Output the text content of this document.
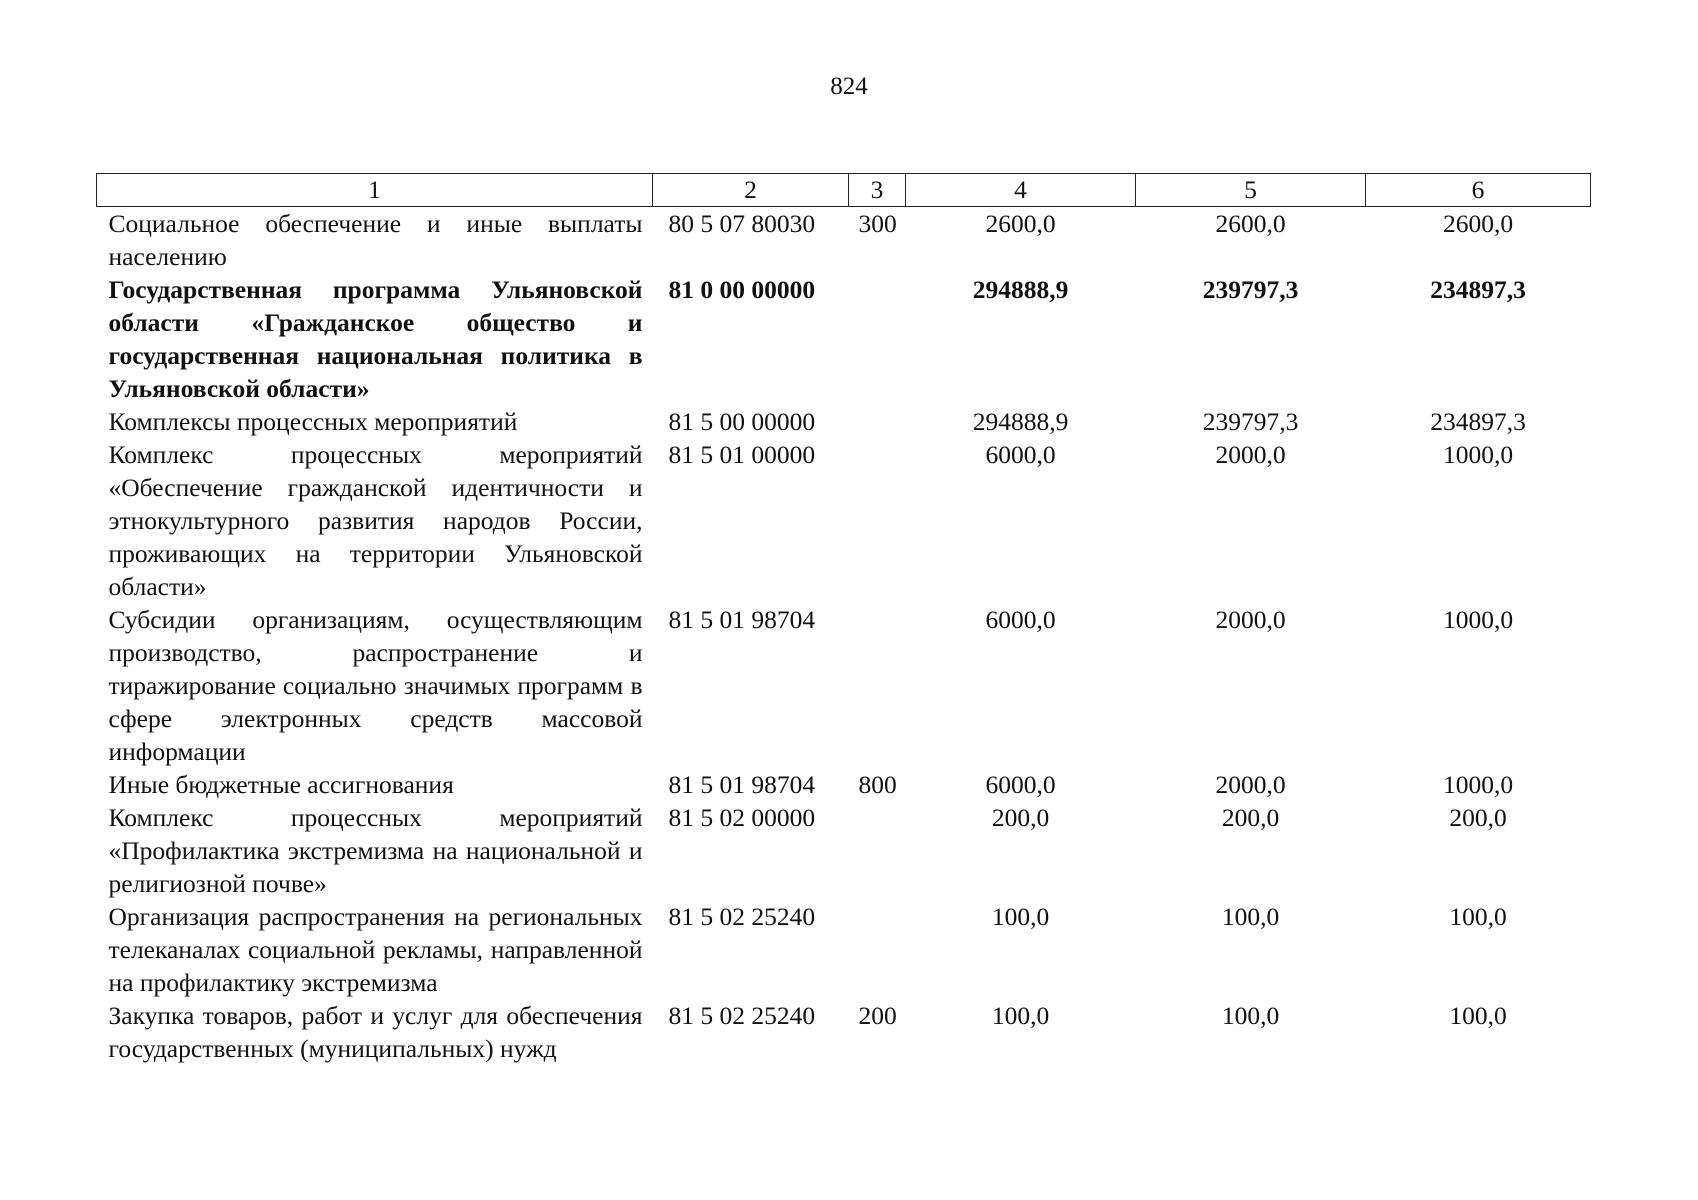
824
1	2	3	4	5	6
Социальное обеспечение и иные выплаты населению	80 5 07 80030	300	2600,0	2600,0	2600,0
Государственная программа Ульяновской области «Гражданское общество и государственная национальная политика в Ульяновской области»	81 0 00 00000		294888,9	239797,3	234897,3
Комплексы процессных мероприятий	81 5 00 00000		294888,9	239797,3	234897,3
Комплекс процессных мероприятий «Обеспечение гражданской идентичности и этнокультурного развития народов России, проживающих на территории Ульяновской области»	81 5 01 00000		6000,0	2000,0	1000,0
Субсидии организациям, осуществляющим производство, распространение и тиражирование социально значимых программ в сфере электронных средств массовой информации	81 5 01 98704		6000,0	2000,0	1000,0
Иные бюджетные ассигнования	81 5 01 98704	800	6000,0	2000,0	1000,0
Комплекс процессных мероприятий «Профилактика экстремизма на национальной и религиозной почве»	81 5 02 00000		200,0	200,0	200,0
Организация распространения на региональных телеканалах социальной рекламы, направленной на профилактику экстремизма	81 5 02 25240		100,0	100,0	100,0
Закупка товаров, работ и услуг для обеспечения государственных (муниципальных) нужд	81 5 02 25240	200	100,0	100,0	100,0
